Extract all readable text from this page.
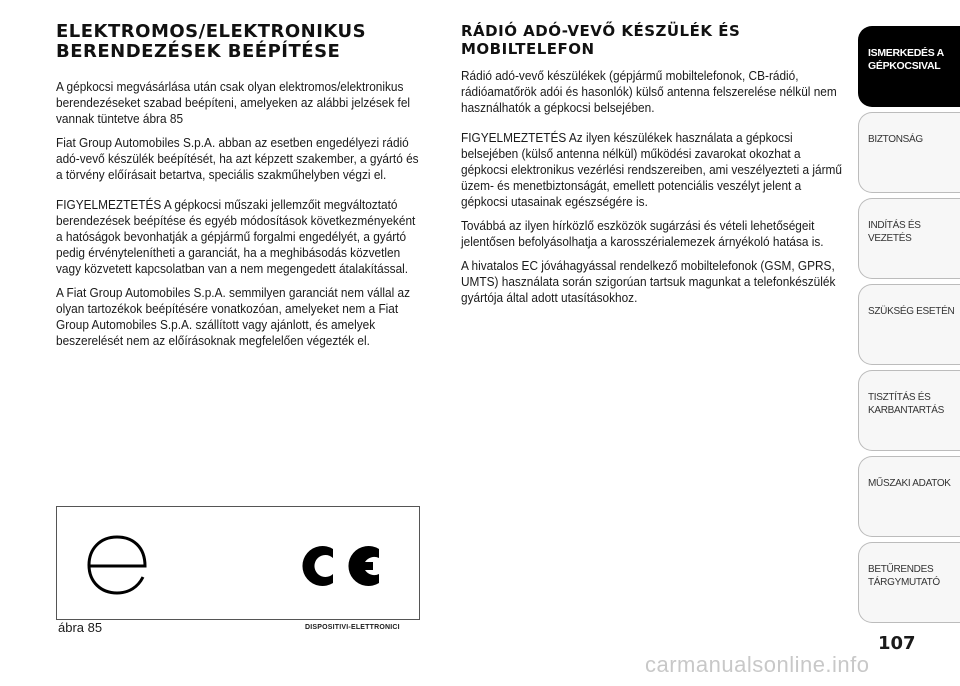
ELEKTROMOS/ELEKTRONIKUS
BERENDEZÉSEK BEÉPÍTÉSE

A gépkocsi megvásárlása után csak olyan elektromos/elektronikus berendezéseket szabad beépíteni, amelyeken az alábbi jelzések fel vannak tüntetve ábra 85

Fiat Group Automobiles S.p.A. abban az esetben engedélyezi rádió adó-vevő készülék beépítését, ha azt képzett szakember, a gyártó és a törvény előírásait betartva, speciális szakműhelyben végzi el.

FIGYELMEZTETÉS A gépkocsi műszaki jellemzőit megváltoztató berendezések beépítése és egyéb módosítások következményeként a hatóságok bevonhatják a gépjármű forgalmi engedélyét, a gyártó pedig érvénytelenítheti a garanciát, ha a meghibásodás közvetlen vagy közvetett kapcsolatban van a nem megengedett átalakítással.

A Fiat Group Automobiles S.p.A. semmilyen garanciát nem vállal az olyan tartozékok beépítésére vonatkozóan, amelyeket nem a Fiat Group Automobiles S.p.A. szállított vagy ajánlott, és amelyek beszerelését nem az előírásoknak megfelelően végezték el.

RÁDIÓ ADÓ-VEVŐ KÉSZÜLÉK ÉS
MOBILTELEFON

Rádió adó-vevő készülékek (gépjármű mobiltelefonok, CB-rádió, rádióamatőrök adói és hasonlók) külső antenna felszerelése nélkül nem használhatók a gépkocsi belsejében.

FIGYELMEZTETÉS Az ilyen készülékek használata a gépkocsi belsejében (külső antenna nélkül) működési zavarokat okozhat a gépkocsi elektronikus vezérlési rendszereiben, ami veszélyezteti a jármű üzem- és menetbiztonságát, emellett potenciális veszélyt jelent a gépkocsi utasainak egészségére is.

Továbbá az ilyen hírközlő eszközök sugárzási és vételi lehetőségeit jelentősen befolyásolhatja a karosszérialemezek árnyékoló hatása is.

A hivatalos EC jóváhagyással rendelkező mobiltelefonok (GSM, GPRS, UMTS) használata során szigorúan tartsuk magunkat a telefonkészülék gyártója által adott utasításokhoz.

ábra 85	DISPOSITIVI-ELETTRONICI
ISMERKEDÉS A
GÉPKOCSIVAL
BIZTONSÁG
INDÍTÁS ÉS VEZETÉS
SZÜKSÉG ESETÉN
TISZTÍTÁS ÉS
KARBANTARTÁS
MŰSZAKI ADATOK
BETŰRENDES
TÁRGYMUTATÓ
107
carmanualsonline.info
